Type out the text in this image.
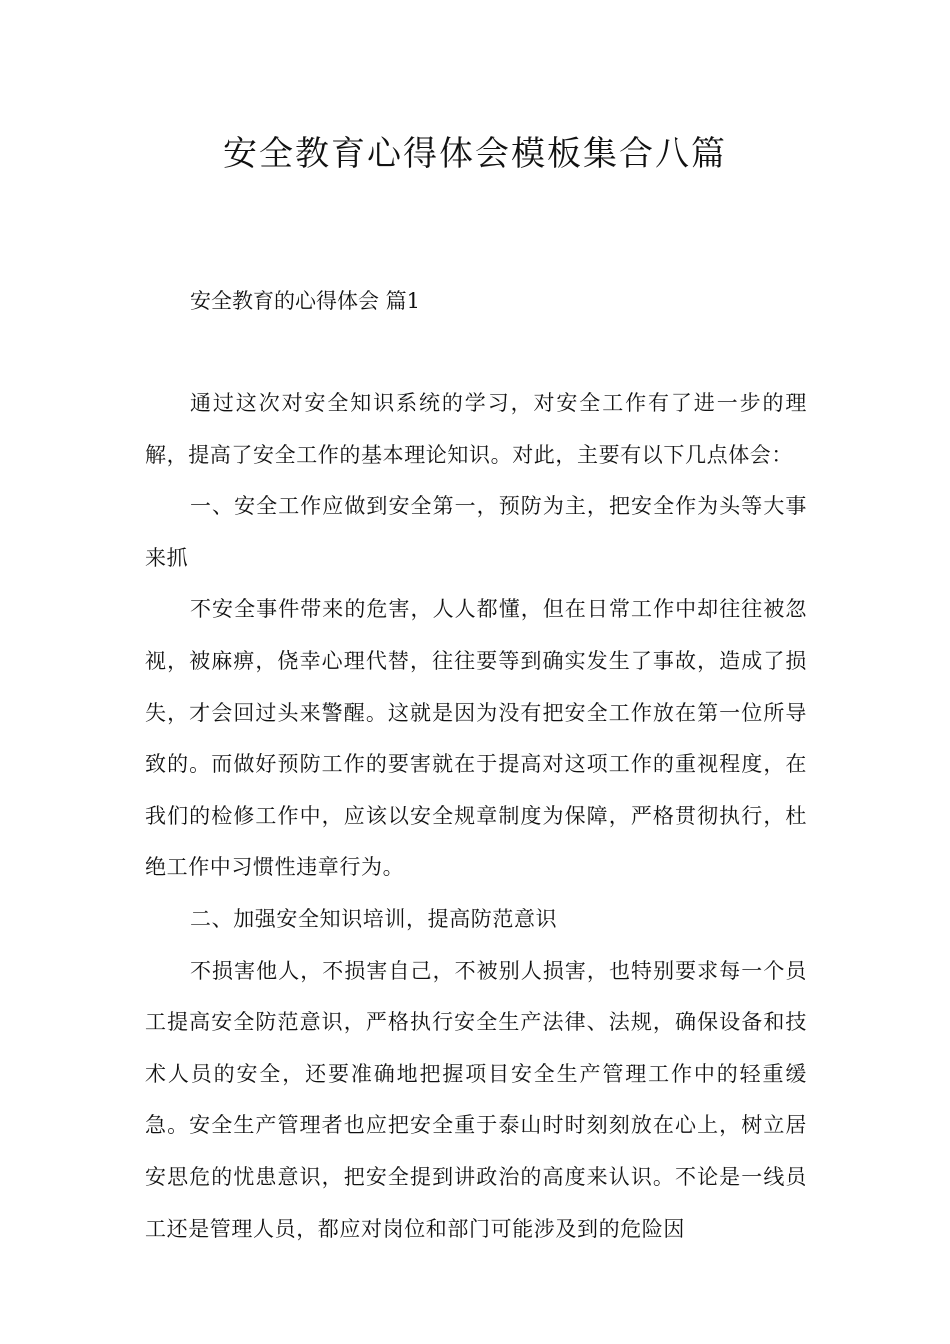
安全教育心得体会模板集合八篇
安全教育的心得体会 篇1

通过这次对安全知识系统的学习，对安全工作有了进一步的理解，提高了安全工作的基本理论知识。对此，主要有以下几点体会：

一、安全工作应做到安全第一，预防为主，把安全作为头等大事来抓

不安全事件带来的危害，人人都懂，但在日常工作中却往往被忽视，被麻痹，侥幸心理代替，往往要等到确实发生了事故，造成了损失，才会回过头来警醒。这就是因为没有把安全工作放在第一位所导致的。而做好预防工作的要害就在于提高对这项工作的重视程度，在我们的检修工作中，应该以安全规章制度为保障，严格贯彻执行，杜绝工作中习惯性违章行为。

二、加强安全知识培训，提高防范意识

不损害他人，不损害自己，不被别人损害，也特别要求每一个员工提高安全防范意识，严格执行安全生产法律、法规，确保设备和技术人员的安全，还要准确地把握项目安全生产管理工作中的轻重缓急。安全生产管理者也应把安全重于泰山时时刻刻放在心上，树立居安思危的忧患意识，把安全提到讲政治的高度来认识。不论是一线员工还是管理人员，都应对岗位和部门可能涉及到的危险因
